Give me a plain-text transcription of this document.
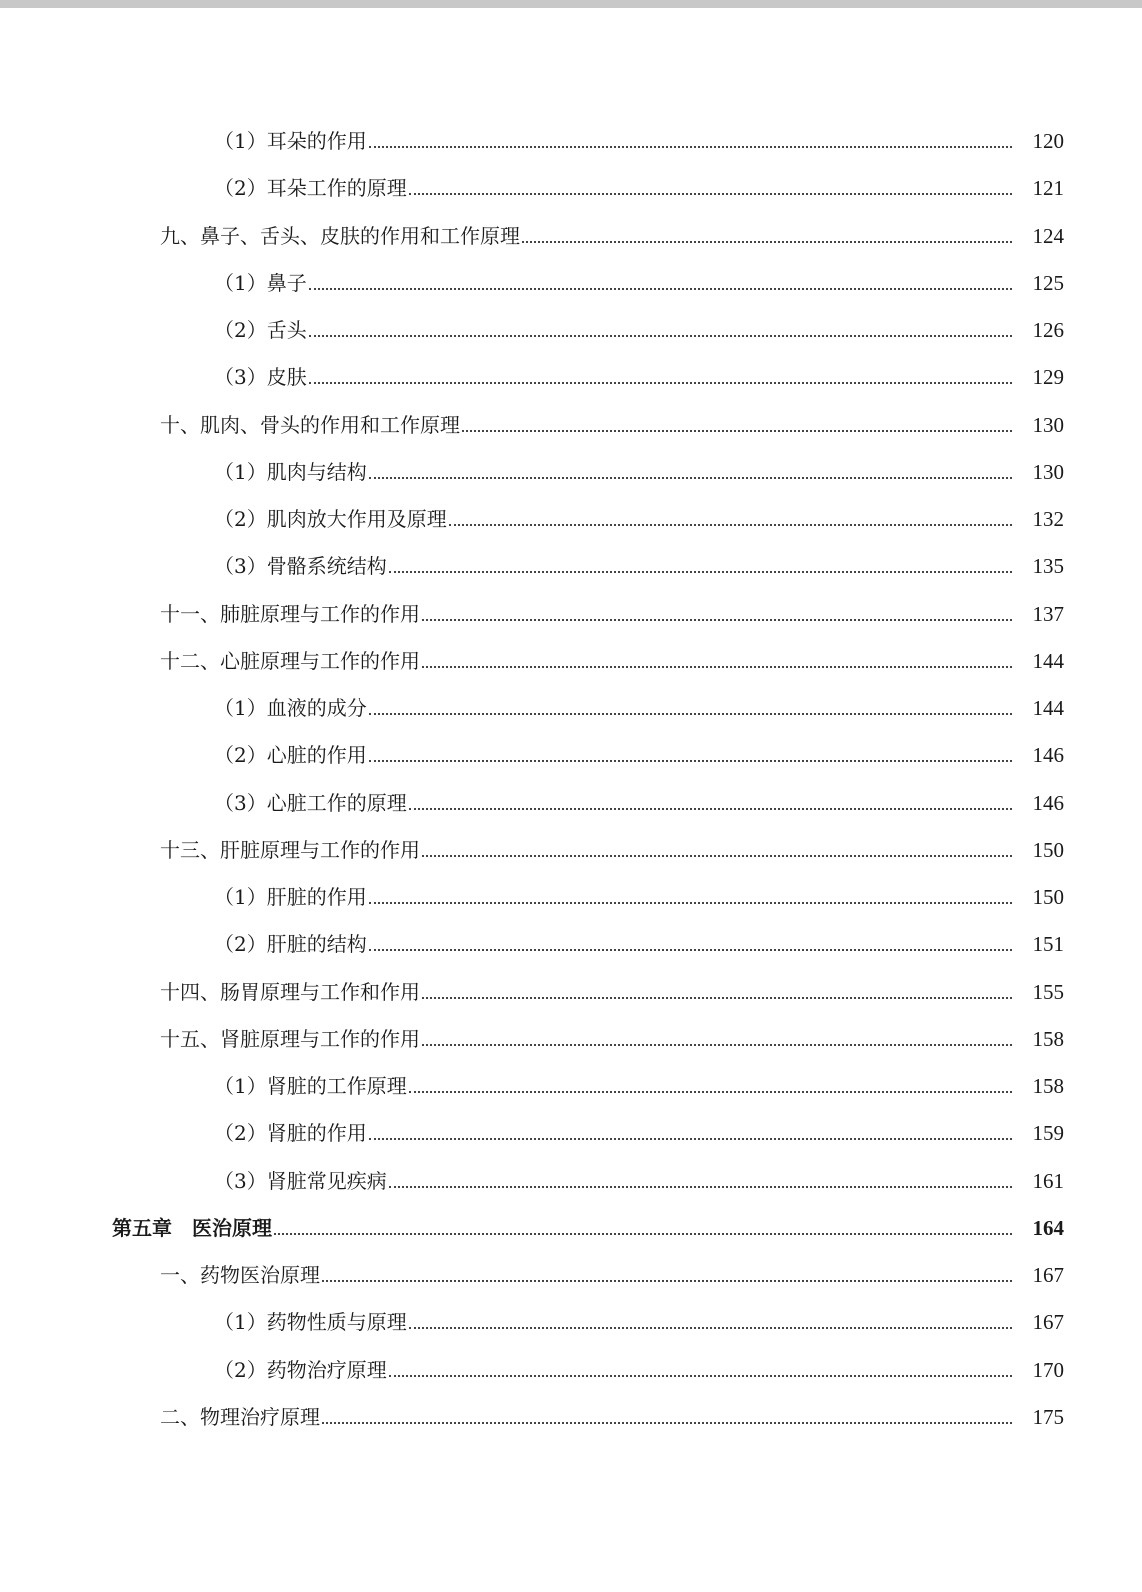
（1）耳朵的作用	120
（2）耳朵工作的原理	121
九、鼻子、舌头、皮肤的作用和工作原理	124
（1）鼻子	125
（2）舌头	126
（3）皮肤	129
十、肌肉、骨头的作用和工作原理	130
（1）肌肉与结构	130
（2）肌肉放大作用及原理	132
（3）骨骼系统结构	135
十一、肺脏原理与工作的作用	137
十二、心脏原理与工作的作用	144
（1）血液的成分	144
（2）心脏的作用	146
（3）心脏工作的原理	146
十三、肝脏原理与工作的作用	150
（1）肝脏的作用	150
（2）肝脏的结构	151
十四、肠胃原理与工作和作用	155
十五、肾脏原理与工作的作用	158
（1）肾脏的工作原理	158
（2）肾脏的作用	159
（3）肾脏常见疾病	161
第五章　医治原理	164
一、药物医治原理	167
（1）药物性质与原理	167
（2）药物治疗原理	170
二、物理治疗原理	175
